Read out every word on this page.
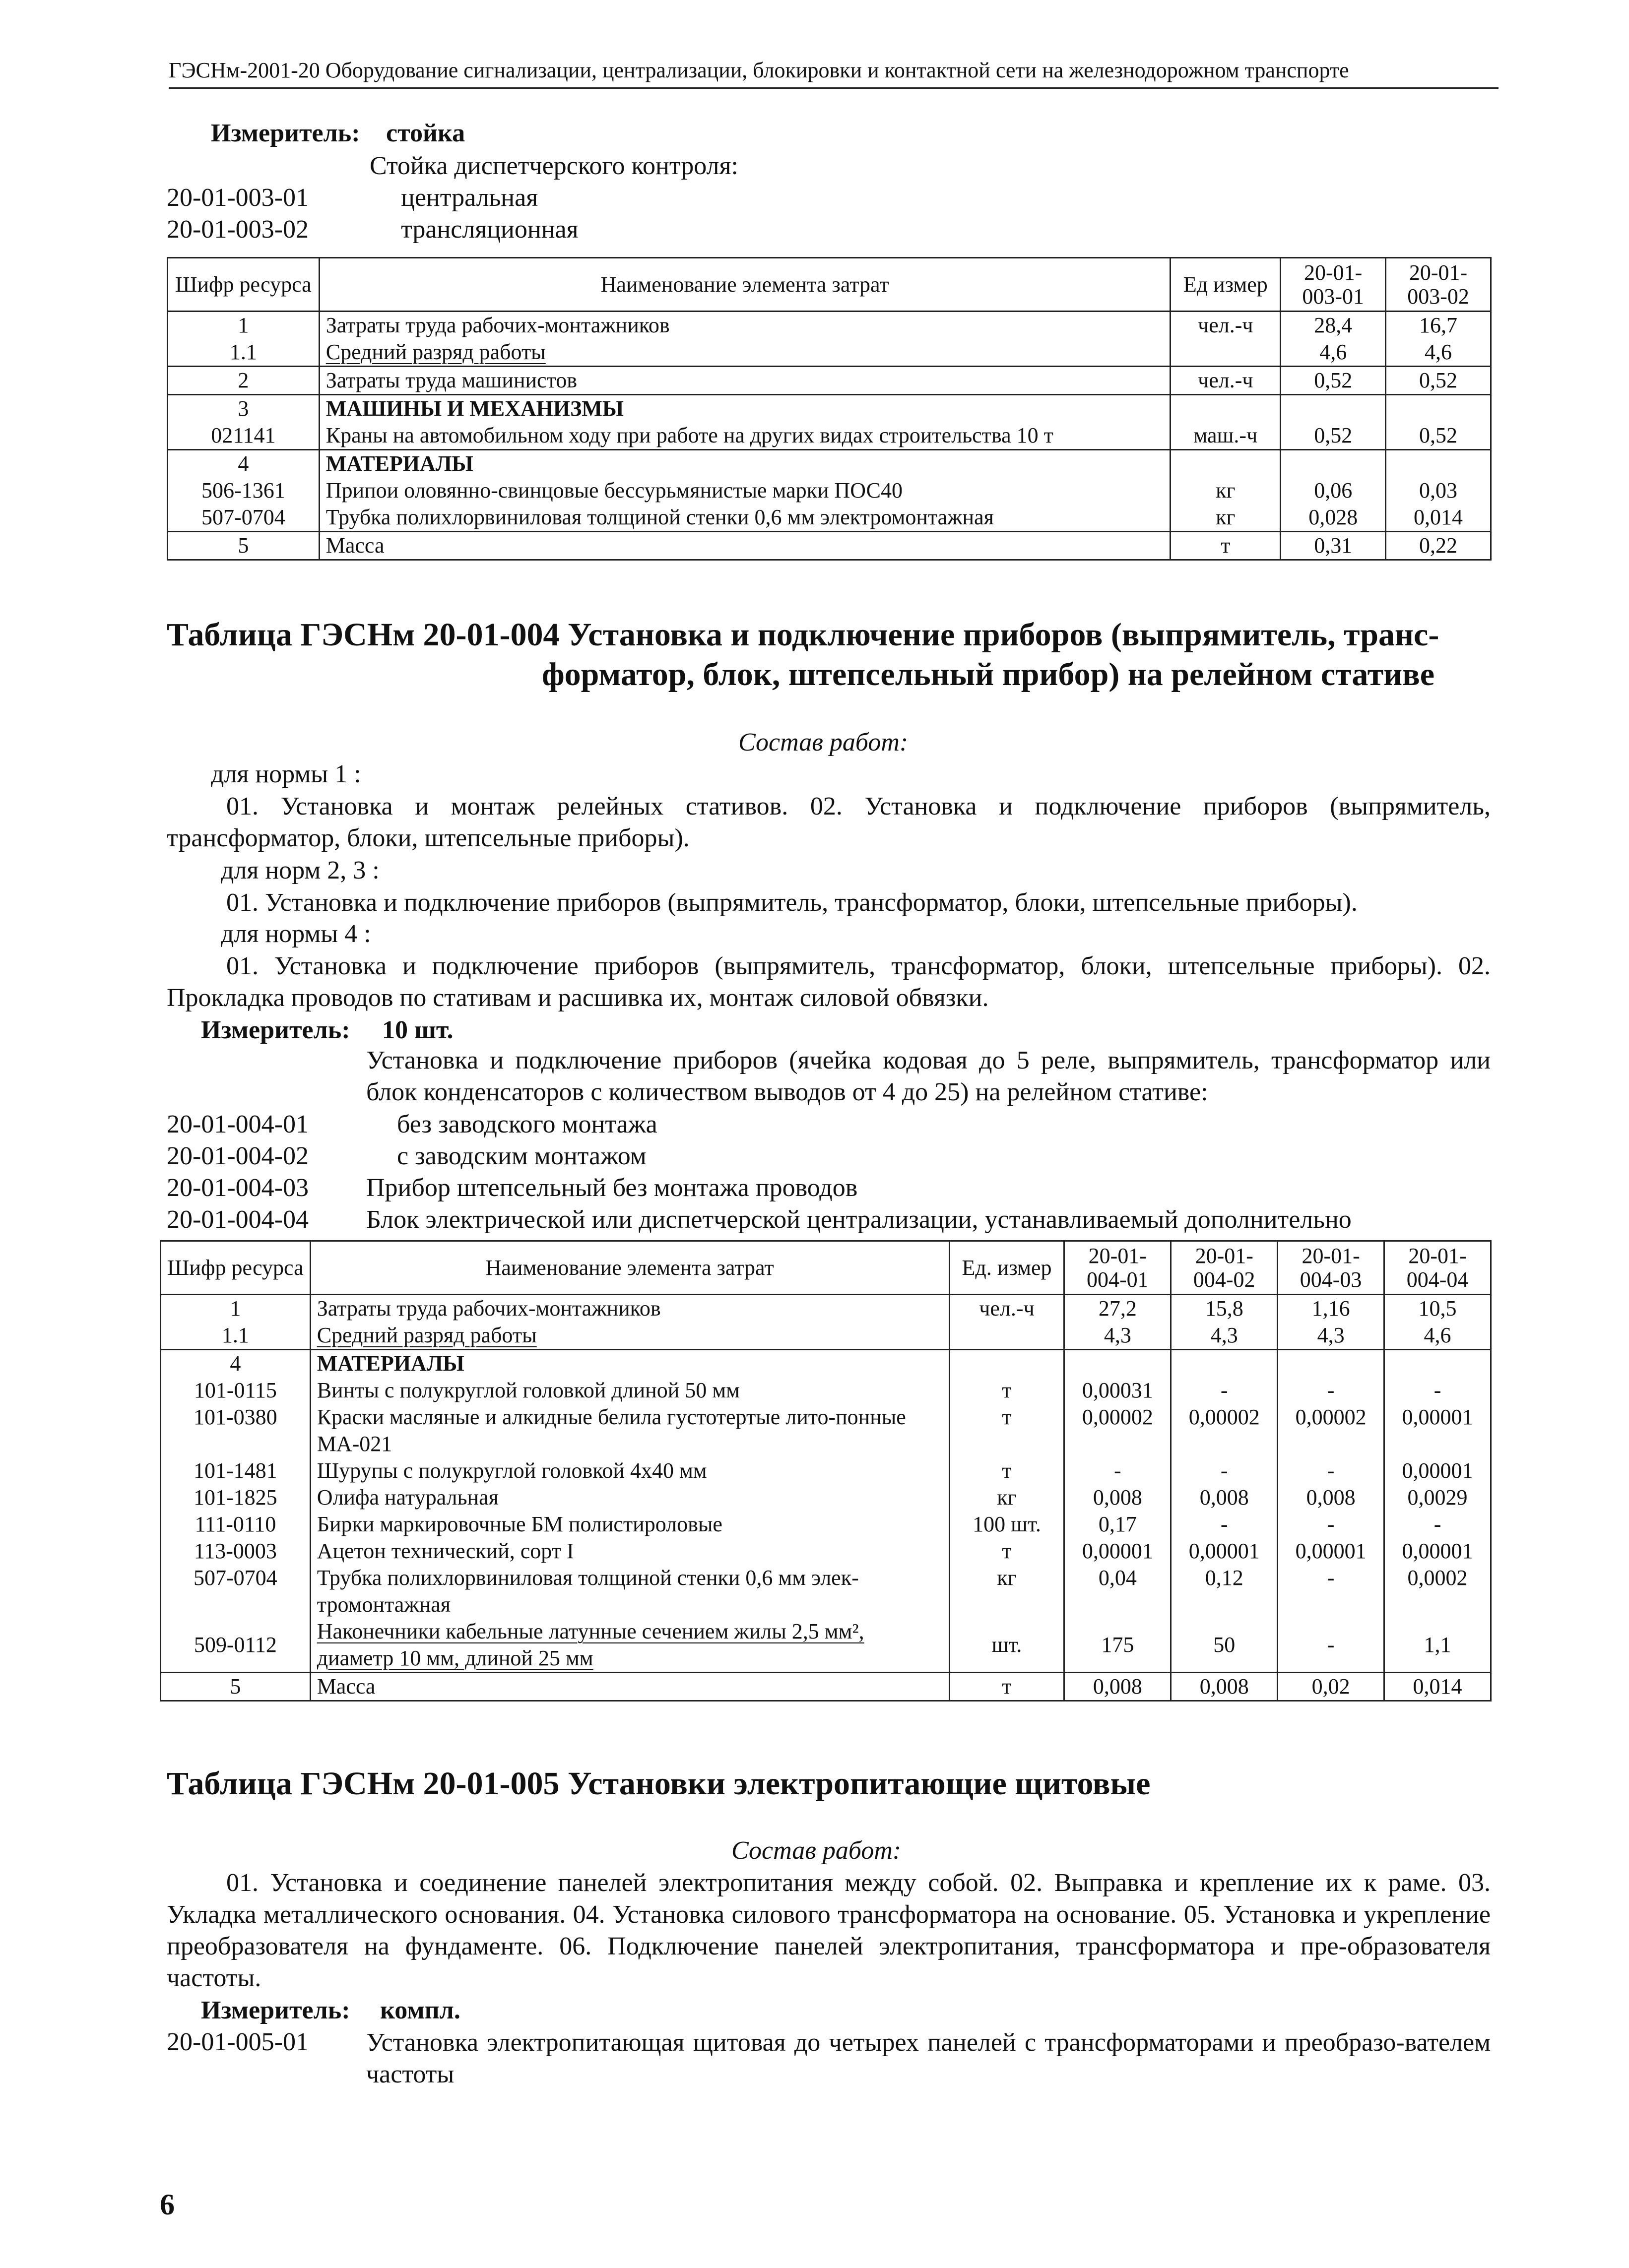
ГЭСНм-2001-20 Оборудование сигнализации, централизации, блокировки и контактной сети на железнодорожном транспорте
Измеритель: стойка
Стойка диспетчерского контроля:
20-01-003-01	центральная
20-01-003-02	трансляционная
Шифр ресурса	Наименование элемента затрат	Ед измер	20-01-003-01	20-01-003-02
1	Затраты труда рабочих-монтажников	чел.-ч	28,4	16,7
1.1	Средний разряд работы		4,6	4,6
2	Затраты труда машинистов	чел.-ч	0,52	0,52
3	МАШИНЫ И МЕХАНИЗМЫ			
021141	Краны на автомобильном ходу при работе на других видах строительства 10 т	маш.-ч	0,52	0,52
4	МАТЕРИАЛЫ			
506-1361	Припои оловянно-свинцовые бессурьмянистые марки ПОС40	кг	0,06	0,03
507-0704	Трубка полихлорвиниловая толщиной стенки 0,6 мм электромонтажная	кг	0,028	0,014
5	Масса	т	0,31	0,22
Таблица ГЭСНм 20-01-004 Установка и подключение приборов (выпрямитель, транс-
форматор, блок, штепсельный прибор) на релейном стативе
Состав работ:
для нормы 1 :
01. Установка и монтаж релейных стативов. 02. Установка и подключение приборов (выпрямитель, трансформатор, блоки, штепсельные приборы).
для норм 2, 3 :
01. Установка и подключение приборов (выпрямитель, трансформатор, блоки, штепсельные приборы).
для нормы 4 :
01. Установка и подключение приборов (выпрямитель, трансформатор, блоки, штепсельные приборы). 02. Прокладка проводов по стативам и расшивка их, монтаж силовой обвязки.
Измеритель: 10 шт.
Установка и подключение приборов (ячейка кодовая до 5 реле, выпрямитель, трансформатор или блок конденсаторов с количеством выводов от 4 до 25) на релейном стативе:
20-01-004-01	без заводского монтажа
20-01-004-02	с заводским монтажом
20-01-004-03 Прибор штепсельный без монтажа проводов
20-01-004-04 Блок электрической или диспетчерской централизации, устанавливаемый дополнительно
Шифр ресурса	Наименование элемента затрат	Ед. измер	20-01-004-01	20-01-004-02	20-01-004-03	20-01-004-04
1	Затраты труда рабочих-монтажников	чел.-ч	27,2	15,8	1,16	10,5
1.1	Средний разряд работы		4,3	4,3	4,3	4,6
4	МАТЕРИАЛЫ					
101-0115	Винты с полукруглой головкой длиной 50 мм	т	0,00031	-	-	-
101-0380	Краски масляные и алкидные белила густотертые лито-понные МА-021	т	0,00002	0,00002	0,00002	0,00001
101-1481	Шурупы с полукруглой головкой 4х40 мм	т	-	-	-	0,00001
101-1825	Олифа натуральная	кг	0,008	0,008	0,008	0,0029
111-0110	Бирки маркировочные БМ полистироловые	100 шт.	0,17	-	-	-
113-0003	Ацетон технический, сорт I	т	0,00001	0,00001	0,00001	0,00001
507-0704	Трубка полихлорвиниловая толщиной стенки 0,6 мм элек-тромонтажная	кг	0,04	0,12	-	0,0002
509-0112	Наконечники кабельные латунные сечением жилы 2,5 мм², диаметр 10 мм, длиной 25 мм	шт.	175	50	-	1,1
5	Масса	т	0,008	0,008	0,02	0,014
Таблица ГЭСНм 20-01-005 Установки электропитающие щитовые
Состав работ:
01. Установка и соединение панелей электропитания между собой. 02. Выправка и крепление их к раме. 03. Укладка металлического основания. 04. Установка силового трансформатора на основание. 05. Установка и укрепление преобразователя на фундаменте. 06. Подключение панелей электропитания, трансформатора и пре-образователя частоты.
Измеритель: компл.
20-01-005-01 Установка электропитающая щитовая до четырех панелей с трансформаторами и преобразо-вателем частоты
6
